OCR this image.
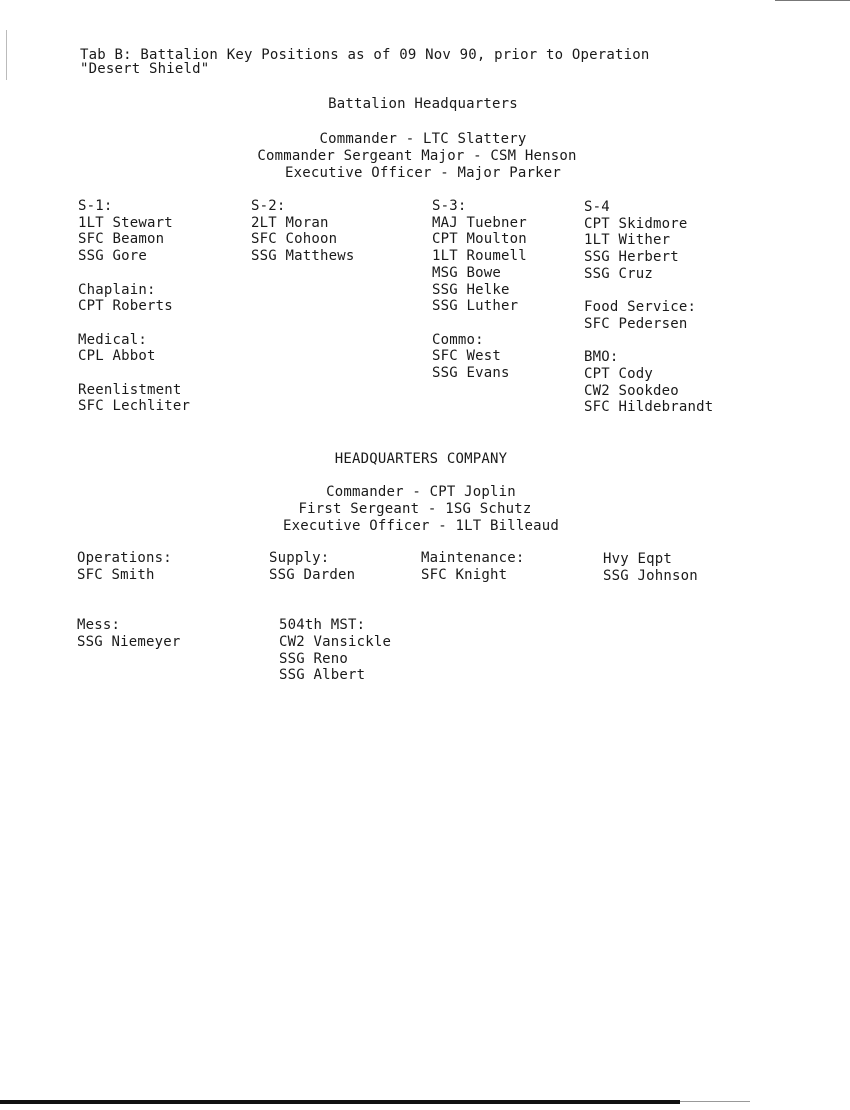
Tab B: Battalion Key Positions as of 09 Nov 90, prior to Operation
"Desert Shield"
Battalion Headquarters
Commander - LTC Slattery
Commander Sergeant Major - CSM Henson
Executive Officer - Major Parker
S-1:
1LT Stewart
SFC Beamon
SSG Gore
Chaplain:
CPT Roberts
Medical:
CPL Abbot
Reenlistment
SFC Lechliter
S-2:
2LT Moran
SFC Cohoon
SSG Matthews
S-3:
MAJ Tuebner
CPT Moulton
1LT Roumell
MSG Bowe
SSG Helke
SSG Luther
Commo:
SFC West
SSG Evans
S-4
CPT Skidmore
1LT Wither
SSG Herbert
SSG Cruz
Food Service:
SFC Pedersen
BMO:
CPT Cody
CW2 Sookdeo
SFC Hildebrandt
HEADQUARTERS COMPANY
Commander - CPT Joplin
First Sergeant - 1SG Schutz
Executive Officer - 1LT Billeaud
Operations:
SFC Smith
Supply:
SSG Darden
Maintenance:
SFC Knight
Hvy Eqpt
SSG Johnson
Mess:
SSG Niemeyer
504th MST:
CW2 Vansickle
SSG Reno
SSG Albert
